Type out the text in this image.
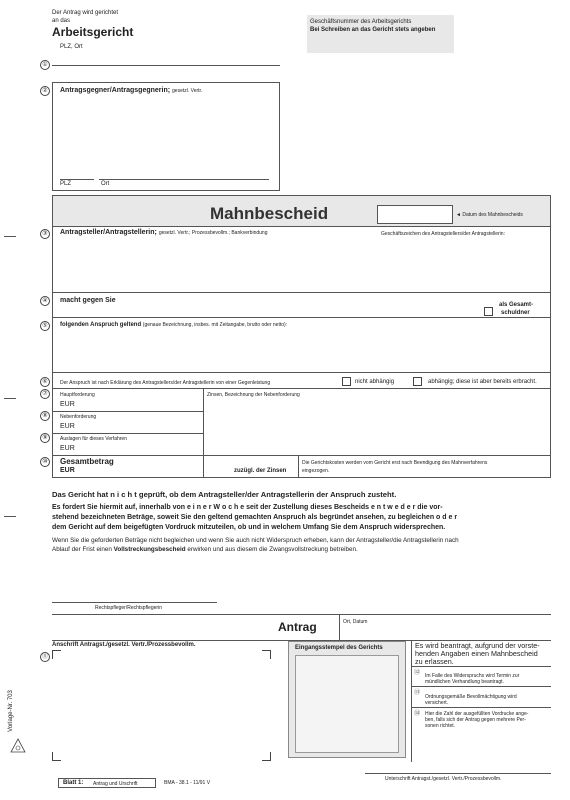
Der Antrag wird gerichtet
an das
Arbeitsgericht
PLZ, Ort
①
Geschäftsnummer des Arbeitsgerichts
Bei Schreiben an das Gericht stets angeben
②	Antragsgegner/Antragsgegnerin; gesetzl. Vertr.
PLZ	Ort
Mahnbescheid	◄ Datum des Mahnbescheids
③	Antragsteller/Antragstellerin; gesetzl. Vertr.; Prozessbevollm.; Bankverbindung	Geschäftszeichen des Antragstellers/der Antragstellerin:
④	macht gegen Sie
als Gesamt-
schuldner
⑤	folgenden Anspruch geltend (genaue Bezeichnung, insbes. mit Zeitangabe, brutto oder netto):
⑥	Der Anspruch ist nach Erklärung des Antragstellers/der Antragstellerin von einer Gegenleistung	nicht abhängig	abhängig; diese ist aber bereits erbracht.
⑦	Hauptforderung
EUR
⑧	Nebenforderung
EUR
⑨	Auslagen für dieses Verfahren
EUR
Zinsen, Bezeichnung der Nebenforderung
⑩ Gesamtbetrag
EUR	zuzügl. der Zinsen
Die Gerichtskosten werden vom Gericht erst nach Beendigung des Mahnverfahrens
eingezogen.
Das Gericht hat n i c h t geprüft, ob dem Antragsteller/der Antragstellerin der Anspruch zusteht.
Es fordert Sie hiermit auf, innerhalb von e i n e r W o c h e seit der Zustellung dieses Bescheids e n t w e d e r die vor-
stehend bezeichneten Beträge, soweit Sie den geltend gemachten Anspruch als begründet ansehen, zu begleichen o d e r
dem Gericht auf dem beigefügten Vordruck mitzuteilen, ob und in welchem Umfang Sie dem Anspruch widersprechen.
Wenn Sie die geforderten Beträge nicht begleichen und wenn Sie auch nicht Widerspruch erheben, kann der Antragsteller/die Antragstellerin nach
Ablauf der Frist einen Vollstreckungsbescheid erwirken und aus diesem die Zwangsvollstreckung betreiben.
Rechtspfleger/Rechtspflegerin
Antrag	Ort, Datum
Anschrift Antragst./gesetzl. Vertr./Prozessbevollm.
⑪
Eingangsstempel des Gerichts	Es wird beantragt, aufgrund der vorste-
henden Angaben einen Mahnbescheid
zu erlassen.
⑫ Im Falle des Widerspruchs wird Termin zur
mündlichen Verhandlung beantragt.
⑬
Ordnungsgemäße Bevollmächtigung wird
versichert.
⑭ Hier die Zahl der ausgefüllten Vordrucke ange-
ben, falls sich der Antrag gegen mehrere Per-
sonen richtet.
Unterschrift Antragst./gesetzl. Vertr./Prozessbevollm.
Blatt 1: Antrag und Urschrift	BMA - 38.1 - 11/91 V
Vorlage-Nr. 703
